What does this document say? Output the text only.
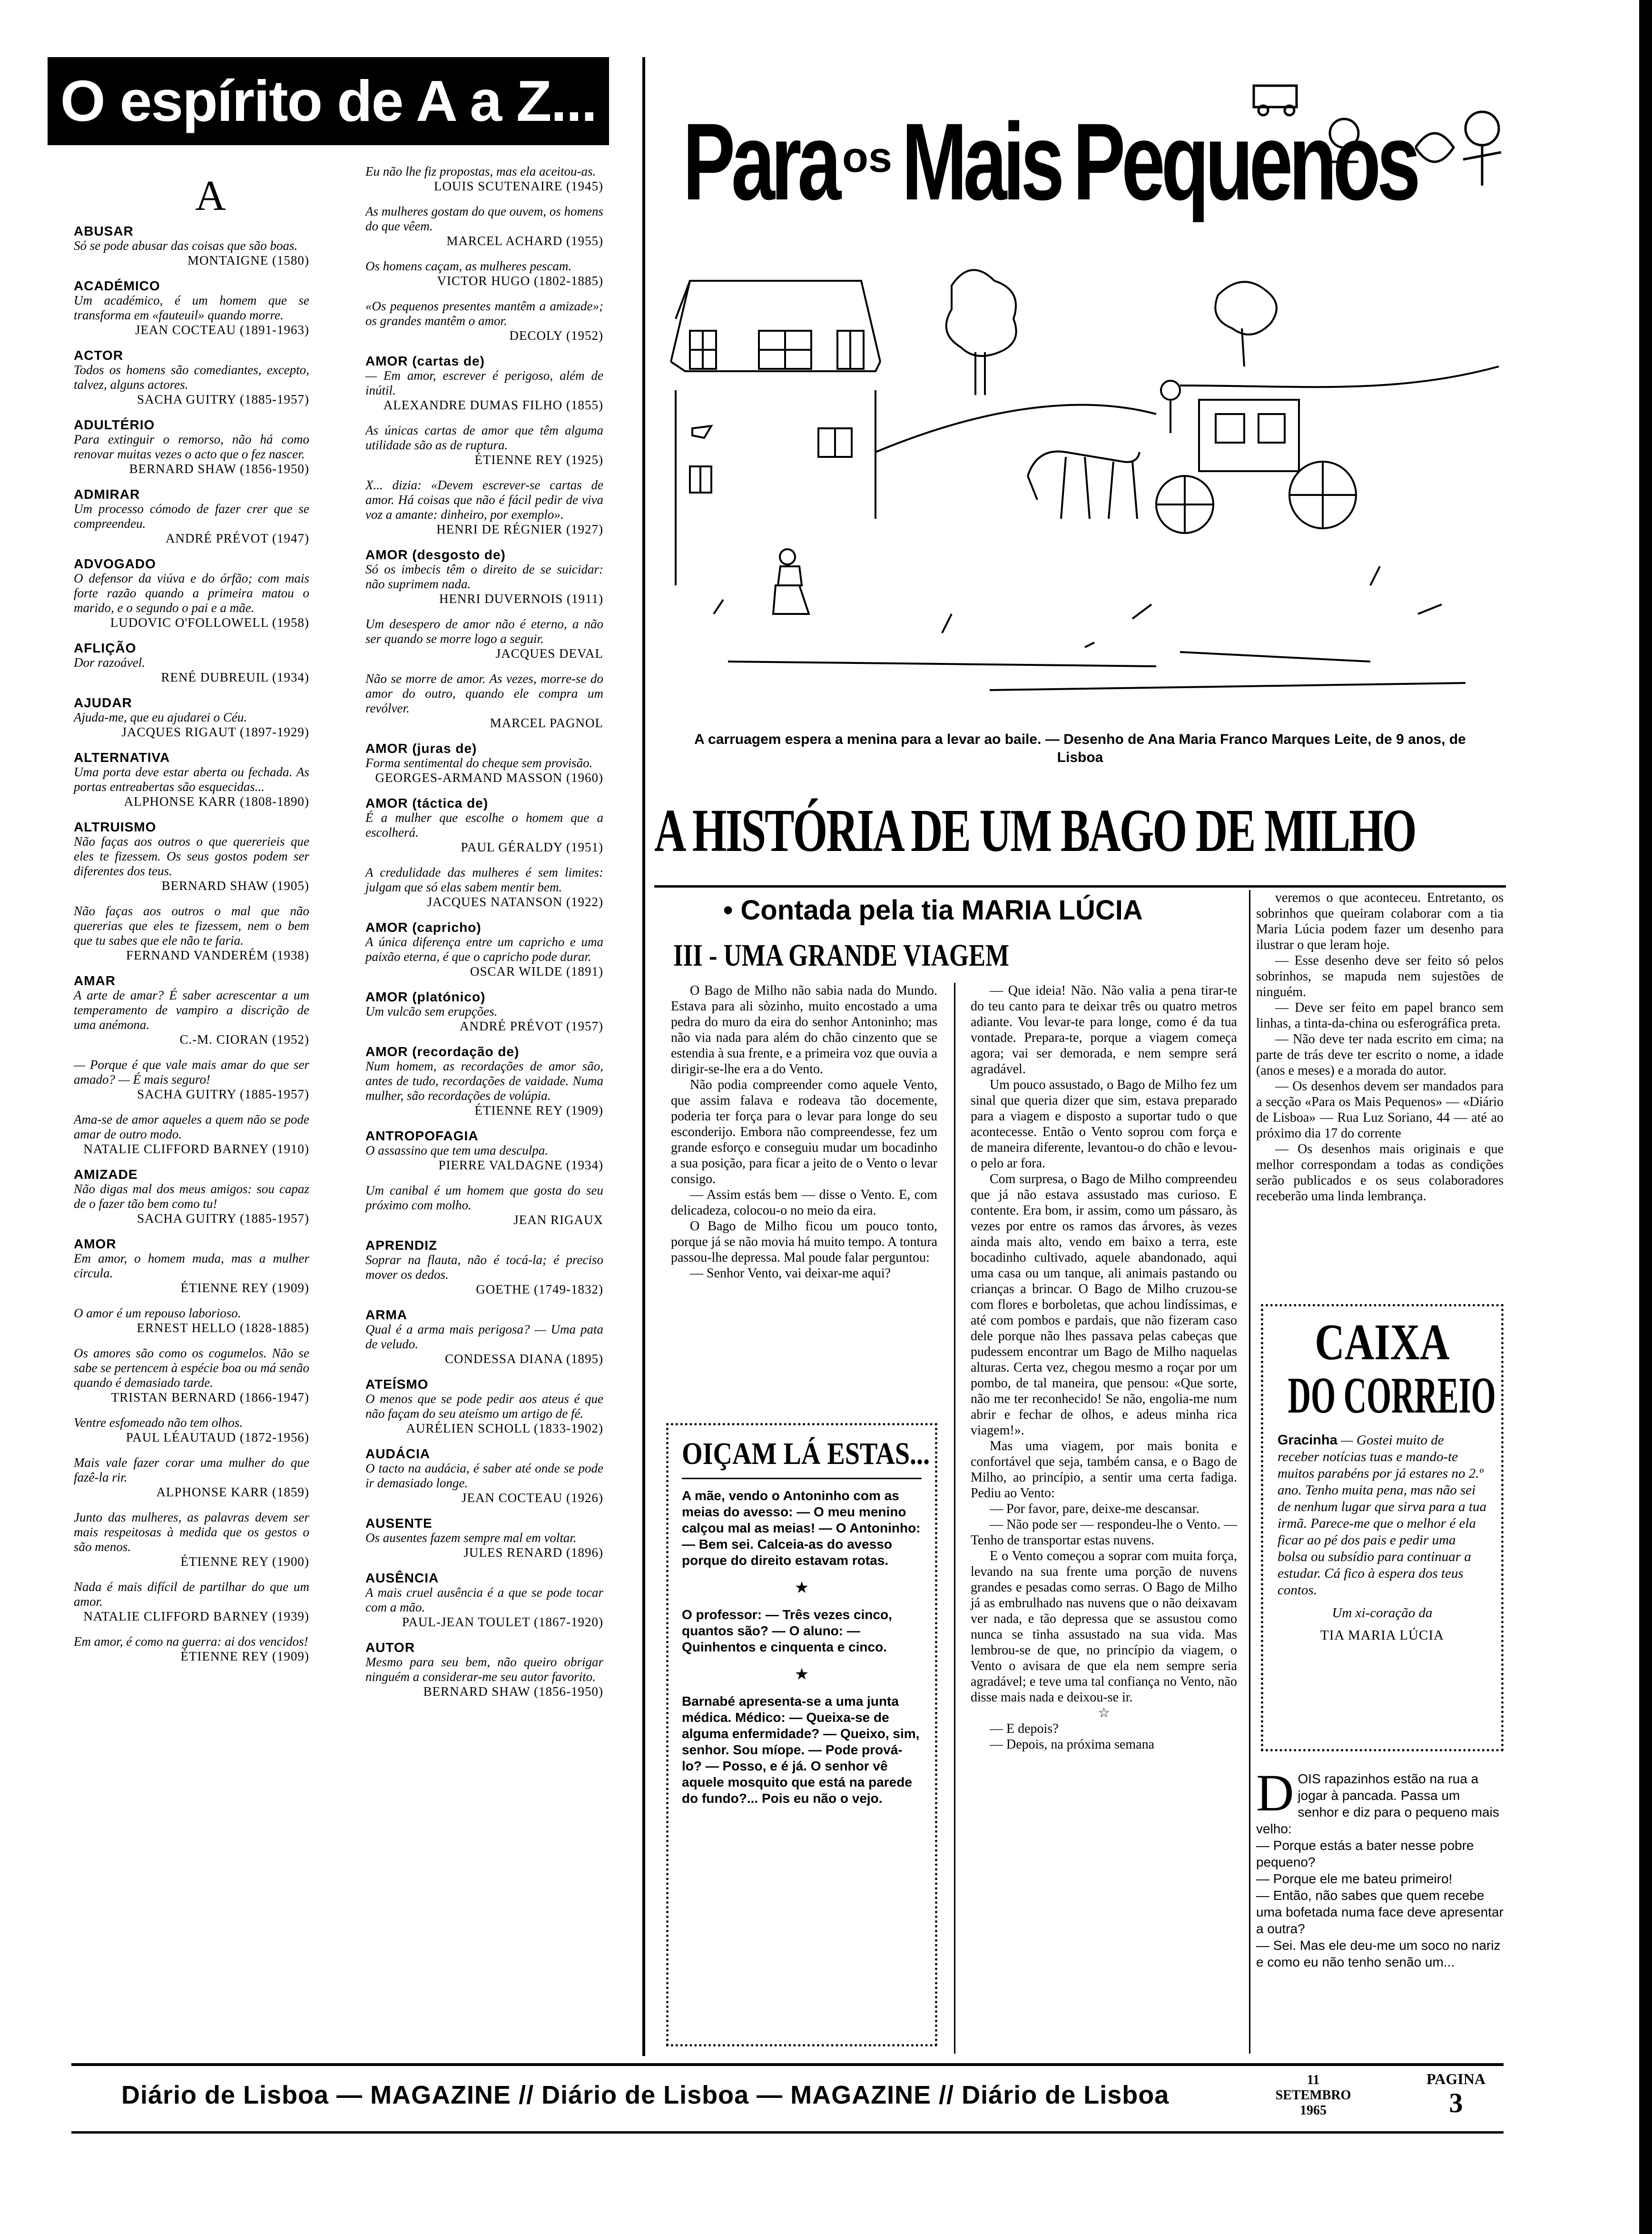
O espírito de A a Z...
A
ABUSAR
Só se pode abusar das coisas que são boas.
MONTAIGNE (1580)
ACADÉMICO
Um académico, é um homem que se transforma em «fauteuil» quando morre.
JEAN COCTEAU (1891-1963)
ACTOR
Todos os homens são comediantes, excepto, talvez, alguns actores.
SACHA GUITRY (1885-1957)
ADULTÉRIO
Para extinguir o remorso, não há como renovar muitas vezes o acto que o fez nascer.
BERNARD SHAW (1856-1950)
ADMIRAR
Um processo cómodo de fazer crer que se compreendeu.
ANDRÉ PRÉVOT (1947)
ADVOGADO
O defensor da viúva e do órfão; com mais forte razão quando a primeira matou o marido, e o segundo o pai e a mãe.
LUDOVIC O'FOLLOWELL (1958)
AFLIÇÃO
Dor razoável.
RENÉ DUBREUIL (1934)
AJUDAR
Ajuda-me, que eu ajudarei o Céu.
JACQUES RIGAUT (1897-1929)
ALTERNATIVA
Uma porta deve estar aberta ou fechada. As portas entreabertas são esquecidas...
ALPHONSE KARR (1808-1890)
ALTRUISMO
Não faças aos outros o que quererieis que eles te fizessem. Os seus gostos podem ser diferentes dos teus.
BERNARD SHAW (1905)
Não faças aos outros o mal que não quererias que eles te fizessem, nem o bem que tu sabes que ele não te faria.
FERNAND VANDERÉM (1938)
AMAR
A arte de amar? É saber acrescentar a um temperamento de vampiro a discrição de uma anémona.
C.-M. CIORAN (1952)
— Porque é que vale mais amar do que ser amado? — É mais seguro!
SACHA GUITRY (1885-1957)
Ama-se de amor aqueles a quem não se pode amar de outro modo.
NATALIE CLIFFORD BARNEY (1910)
AMIZADE
Não digas mal dos meus amigos: sou capaz de o fazer tão bem como tu!
SACHA GUITRY (1885-1957)
AMOR
Em amor, o homem muda, mas a mulher circula.
ÉTIENNE REY (1909)
O amor é um repouso laborioso.
ERNEST HELLO (1828-1885)
Os amores são como os cogumelos. Não se sabe se pertencem à espécie boa ou má senão quando é demasiado tarde.
TRISTAN BERNARD (1866-1947)
Ventre esfomeado não tem olhos.
PAUL LÉAUTAUD (1872-1956)
Mais vale fazer corar uma mulher do que fazê-la rir.
ALPHONSE KARR (1859)
Junto das mulheres, as palavras devem ser mais respeitosas à medida que os gestos o são menos.
ÉTIENNE REY (1900)
Nada é mais difícil de partilhar do que um amor.
NATALIE CLIFFORD BARNEY (1939)
Em amor, é como na guerra: ai dos vencidos!
ÉTIENNE REY (1909)
Eu não lhe fiz propostas, mas ela aceitou-as.
LOUIS SCUTENAIRE (1945)
As mulheres gostam do que ouvem, os homens do que vêem.
MARCEL ACHARD (1955)
Os homens caçam, as mulheres pescam.
VICTOR HUGO (1802-1885)
«Os pequenos presentes mantêm a amizade»; os grandes mantêm o amor.
DECOLY (1952)
AMOR (cartas de)
— Em amor, escrever é perigoso, além de inútil.
ALEXANDRE DUMAS FILHO (1855)
As únicas cartas de amor que têm alguma utilidade são as de ruptura.
ÉTIENNE REY (1925)
X... dizia: «Devem escrever-se cartas de amor. Há coisas que não é fácil pedir de viva voz a amante: dinheiro, por exemplo».
HENRI DE RÉGNIER (1927)
AMOR (desgosto de)
Só os imbecis têm o direito de se suicidar: não suprimem nada.
HENRI DUVERNOIS (1911)
Um desespero de amor não é eterno, a não ser quando se morre logo a seguir.
JACQUES DEVAL
Não se morre de amor. As vezes, morre-se do amor do outro, quando ele compra um revólver.
MARCEL PAGNOL
AMOR (juras de)
Forma sentimental do cheque sem provisão.
GEORGES-ARMAND MASSON (1960)
AMOR (táctica de)
É a mulher que escolhe o homem que a escolherá.
PAUL GÉRALDY (1951)
A credulidade das mulheres é sem limites: julgam que só elas sabem mentir bem.
JACQUES NATANSON (1922)
AMOR (capricho)
A única diferença entre um capricho e uma paixão eterna, é que o capricho pode durar.
OSCAR WILDE (1891)
AMOR (platónico)
Um vulcão sem erupções.
ANDRÉ PRÉVOT (1957)
AMOR (recordação de)
Num homem, as recordações de amor são, antes de tudo, recordações de vaidade. Numa mulher, são recordações de volúpia.
ÉTIENNE REY (1909)
ANTROPOFAGIA
O assassino que tem uma desculpa.
PIERRE VALDAGNE (1934)
Um canibal é um homem que gosta do seu próximo com molho.
JEAN RIGAUX
APRENDIZ
Soprar na flauta, não é tocá-la; é preciso mover os dedos.
GOETHE (1749-1832)
ARMA
Qual é a arma mais perigosa? — Uma pata de veludo.
CONDESSA DIANA (1895)
ATEÍSMO
O menos que se pode pedir aos ateus é que não façam do seu ateísmo um artigo de fé.
AURÉLIEN SCHOLL (1833-1902)
AUDÁCIA
O tacto na audácia, é saber até onde se pode ir demasiado longe.
JEAN COCTEAU (1926)
AUSENTE
Os ausentes fazem sempre mal em voltar.
JULES RENARD (1896)
AUSÊNCIA
A mais cruel ausência é a que se pode tocar com a mão.
PAUL-JEAN TOULET (1867-1920)
AUTOR
Mesmo para seu bem, não queiro obrigar ninguém a considerar-me seu autor favorito.
BERNARD SHAW (1856-1950)
Para os Mais Pequenos
A carruagem espera a menina para a levar ao baile. — Desenho de Ana Maria Franco Marques Leite, de 9 anos, de Lisboa
A HISTÓRIA DE UM BAGO DE MILHO
• Contada pela tia MARIA LÚCIA
III - UMA GRANDE VIAGEM

O Bago de Milho não sabia nada do Mundo. Estava para ali sòzinho, muito encostado a uma pedra do muro da eira do senhor Antoninho; mas não via nada para além do chão cinzento que se estendia à sua frente, e a primeira voz que ouvia a dirigir-se-lhe era a do Vento.

Não podia compreender como aquele Vento, que assim falava e rodeava tão docemente, poderia ter força para o levar para longe do seu esconderijo. Embora não compreendesse, fez um grande esforço e conseguiu mudar um bocadinho a sua posição, para ficar a jeito de o Vento o levar consigo.

— Assim estás bem — disse o Vento. E, com delicadeza, colocou-o no meio da eira.

O Bago de Milho ficou um pouco tonto, porque já se não movia há muito tempo. A tontura passou-lhe depressa. Mal poude falar perguntou:

— Senhor Vento, vai deixar-me aqui?

— Que ideia! Não. Não valia a pena tirar-te do teu canto para te deixar três ou quatro metros adiante. Vou levar-te para longe, como é da tua vontade. Prepara-te, porque a viagem começa agora; vai ser demorada, e nem sempre será agradável.

Um pouco assustado, o Bago de Milho fez um sinal que queria dizer que sim, estava preparado para a viagem e disposto a suportar tudo o que acontecesse. Então o Vento soprou com força e de maneira diferente, levantou-o do chão e levou-o pelo ar fora.

Com surpresa, o Bago de Milho compreendeu que já não estava assustado mas curioso. E contente. Era bom, ir assim, como um pássaro, às vezes por entre os ramos das árvores, às vezes ainda mais alto, vendo em baixo a terra, este bocadinho cultivado, aquele abandonado, aqui uma casa ou um tanque, ali animais pastando ou crianças a brincar. O Bago de Milho cruzou-se com flores e borboletas, que achou lindíssimas, e até com pombos e pardais, que não fizeram caso dele porque não lhes passava pelas cabeças que pudessem encontrar um Bago de Milho naquelas alturas. Certa vez, chegou mesmo a roçar por um pombo, de tal maneira, que pensou: «Que sorte, não me ter reconhecido! Se não, engolia-me num abrir e fechar de olhos, e adeus minha rica viagem!».

Mas uma viagem, por mais bonita e confortável que seja, também cansa, e o Bago de Milho, ao princípio, a sentir uma certa fadiga. Pediu ao Vento:

— Por favor, pare, deixe-me descansar.

— Não pode ser — respondeu-lhe o Vento. — Tenho de transportar estas nuvens.

E o Vento começou a soprar com muita força, levando na sua frente uma porção de nuvens grandes e pesadas como serras. O Bago de Milho já as embrulhado nas nuvens que o não deixavam ver nada, e tão depressa que se assustou como nunca se tinha assustado na sua vida. Mas lembrou-se de que, no princípio da viagem, o Vento o avisara de que ela nem sempre seria agradável; e teve uma tal confiança no Vento, não disse mais nada e deixou-se ir.

☆

— E depois?

— Depois, na próxima semana

veremos o que aconteceu. Entretanto, os sobrinhos que queiram colaborar com a tia Maria Lúcia podem fazer um desenho para ilustrar o que leram hoje.

— Esse desenho deve ser feito só pelos sobrinhos, se mapuda nem sujestões de ninguém.

— Deve ser feito em papel branco sem linhas, a tinta-da-china ou esferográfica preta.

— Não deve ter nada escrito em cima; na parte de trás deve ter escrito o nome, a idade (anos e meses) e a morada do autor.

— Os desenhos devem ser mandados para a secção «Para os Mais Pequenos» — «Diário de Lisboa» — Rua Luz Soriano, 44 — até ao próximo dia 17 do corrente

— Os desenhos mais originais e que melhor correspondam a todas as condições serão publicados e os seus colaboradores receberão uma linda lembrança.

OIÇAM LÁ ESTAS...
A mãe, vendo o Antoninho com as meias do avesso: — O meu menino calçou mal as meias! — O Antoninho: — Bem sei. Calceia-as do avesso porque do direito estavam rotas.
★
O professor: — Três vezes cinco, quantos são? — O aluno: — Quinhentos e cinquenta e cinco.
★
Barnabé apresenta-se a uma junta médica. Médico: — Queixa-se de alguma enfermidade? — Queixo, sim, senhor. Sou míope. — Pode prová-lo? — Posso, e é já. O senhor vê aquele mosquito que está na parede do fundo?... Pois eu não o vejo.
CAIXA
DO CORREIO
Gracinha — Gostei muito de receber notícias tuas e mando-te muitos parabéns por já estares no 2.º ano. Tenho muita pena, mas não sei de nenhum lugar que sirva para a tua irmã. Parece-me que o melhor é ela ficar ao pé dos pais e pedir uma bolsa ou subsídio para continuar a estudar. Cá fico à espera dos teus contos.
Um xi-coração da
TIA MARIA LÚCIA
D OIS rapazinhos estão na rua a jogar à pancada. Passa um senhor e diz para o pequeno mais velho:
— Porque estás a bater nesse pobre pequeno?
— Porque ele me bateu primeiro!
— Então, não sabes que quem recebe uma bofetada numa face deve apresentar a outra?
— Sei. Mas ele deu-me um soco no nariz e como eu não tenho senão um...
Diário de Lisboa — MAGAZINE // Diário de Lisboa — MAGAZINE // Diário de Lisboa
11
SETEMBRO
1965
PAGINA
3
